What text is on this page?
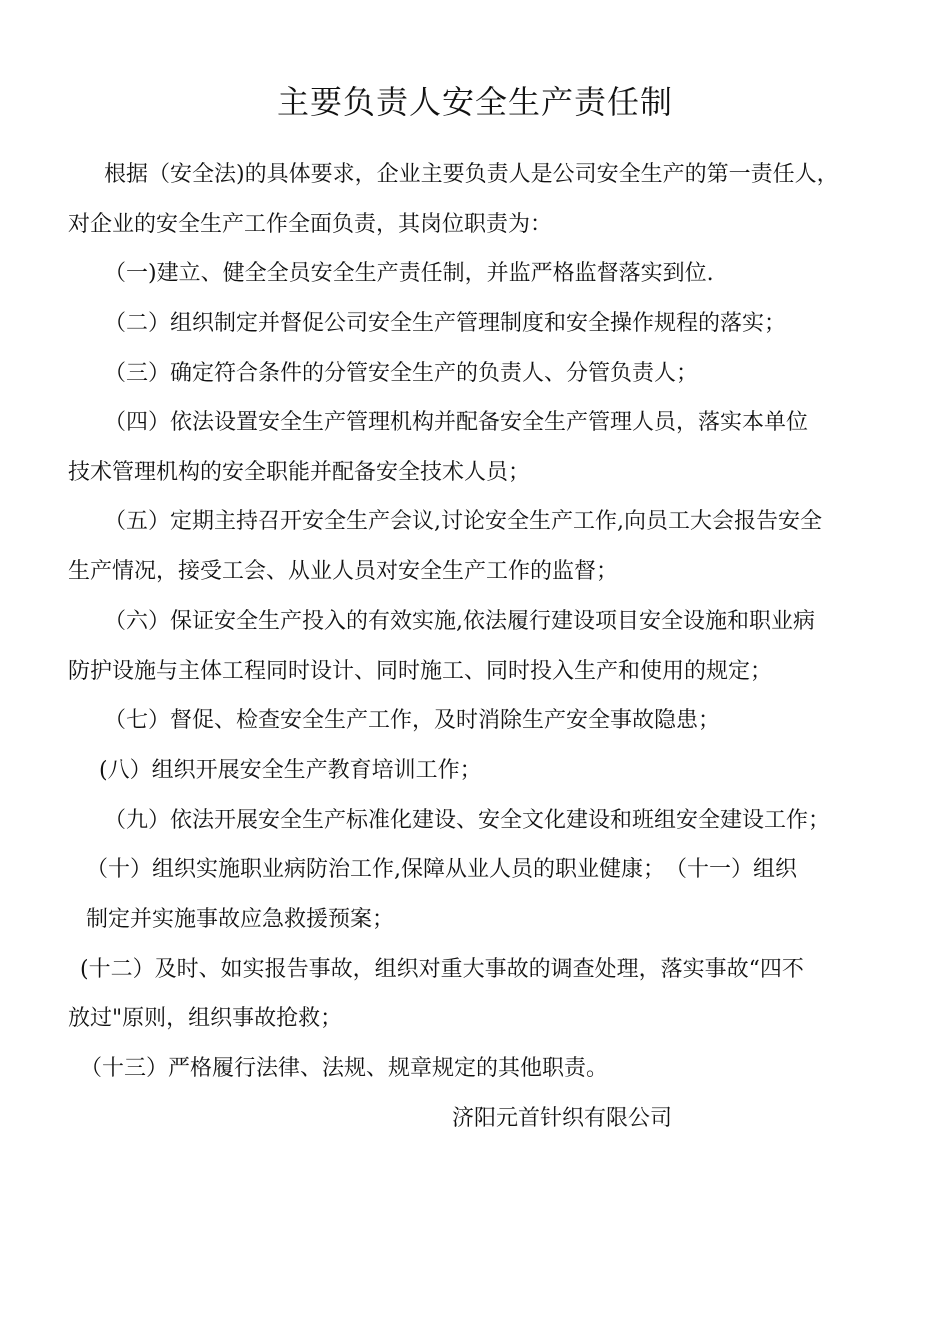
主要负责人安全生产责任制

根据（安全法)的具体要求，企业主要负责人是公司安全生产的第一责任人，

对企业的安全生产工作全面负责，其岗位职责为：

（一)建立、健全全员安全生产责任制，并监严格监督落实到位.

（二）组织制定并督促公司安全生产管理制度和安全操作规程的落实；

（三）确定符合条件的分管安全生产的负责人、分管负责人；

（四）依法设置安全生产管理机构并配备安全生产管理人员，落实本单位

技术管理机构的安全职能并配备安全技术人员；

（五）定期主持召开安全生产会议,讨论安全生产工作,向员工大会报告安全

生产情况，接受工会、从业人员对安全生产工作的监督；

（六）保证安全生产投入的有效实施,依法履行建设项目安全设施和职业病

防护设施与主体工程同时设计、同时施工、同时投入生产和使用的规定；

（七）督促、检查安全生产工作，及时消除生产安全事故隐患；

(八）组织开展安全生产教育培训工作；

（九）依法开展安全生产标准化建设、安全文化建设和班组安全建设工作；

（十）组织实施职业病防治工作,保障从业人员的职业健康；　（十一）组织

制定并实施事故应急救援预案；

(十二）及时、如实报告事故，组织对重大事故的调查处理，落实事故“四不

放过"原则，组织事故抢救；

（十三）严格履行法律、法规、规章规定的其他职责。

济阳元首针织有限公司
